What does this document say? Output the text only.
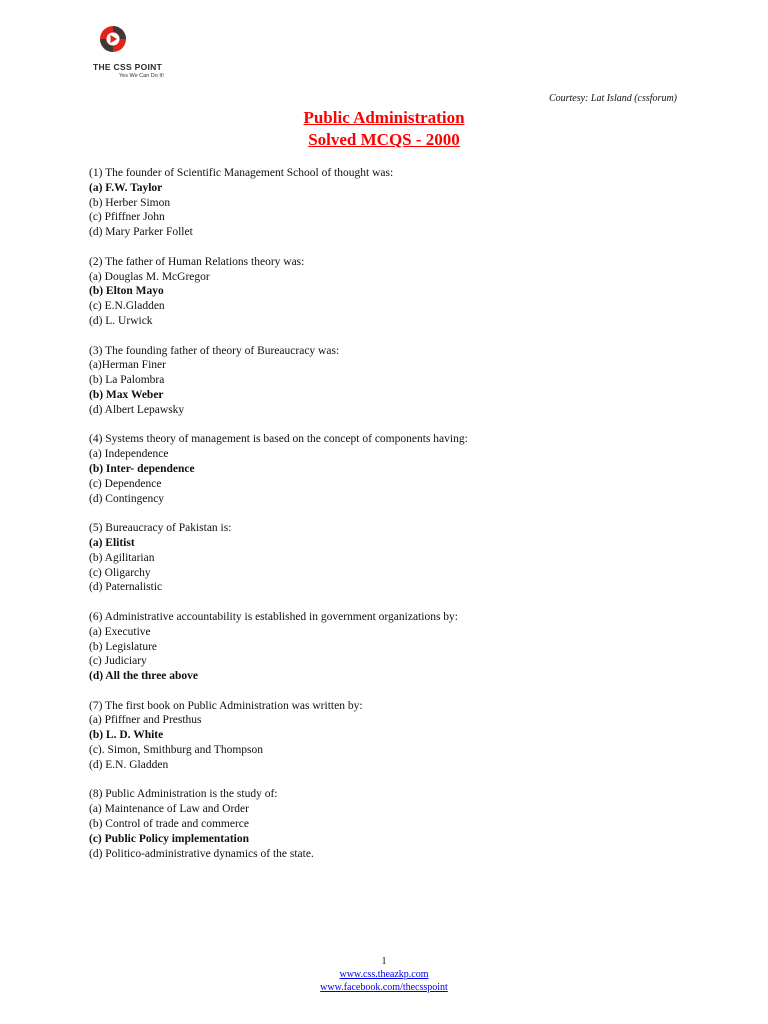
THE CSS POINT
Yes We Can Do It!
Courtesy: Lat Island (cssforum)
Public Administration
Solved MCQS - 2000
(1) The founder of Scientific Management School of thought was:
(a) F.W. Taylor
(b) Herber Simon
(c) Pfiffner John
(d) Mary Parker Follet
(2) The father of Human Relations theory was:
(a) Douglas M. McGregor
(b) Elton Mayo
(c) E.N.Gladden
(d) L. Urwick
(3) The founding father of theory of Bureaucracy was:
(a)Herman Finer
(b) La Palombra
(b) Max Weber
(d) Albert Lepawsky
(4) Systems theory of management is based on the concept of components having:
(a) Independence
(b) Inter- dependence
(c) Dependence
(d) Contingency
(5) Bureaucracy of Pakistan is:
(a) Elitist
(b) Agilitarian
(c) Oligarchy
(d) Paternalistic
(6) Administrative accountability is established in government organizations by:
(a) Executive
(b) Legislature
(c) Judiciary
(d) All the three above
(7) The first book on Public Administration was written by:
(a) Pfiffner and Presthus
(b) L. D. White
(c). Simon, Smithburg and Thompson
(d) E.N. Gladden
(8) Public Administration is the study of:
(a) Maintenance of Law and Order
(b) Control of trade and commerce
(c) Public Policy implementation
(d) Politico-administrative dynamics of the state.
1
www.css.theazkp.com
www.facebook.com/thecsspoint
